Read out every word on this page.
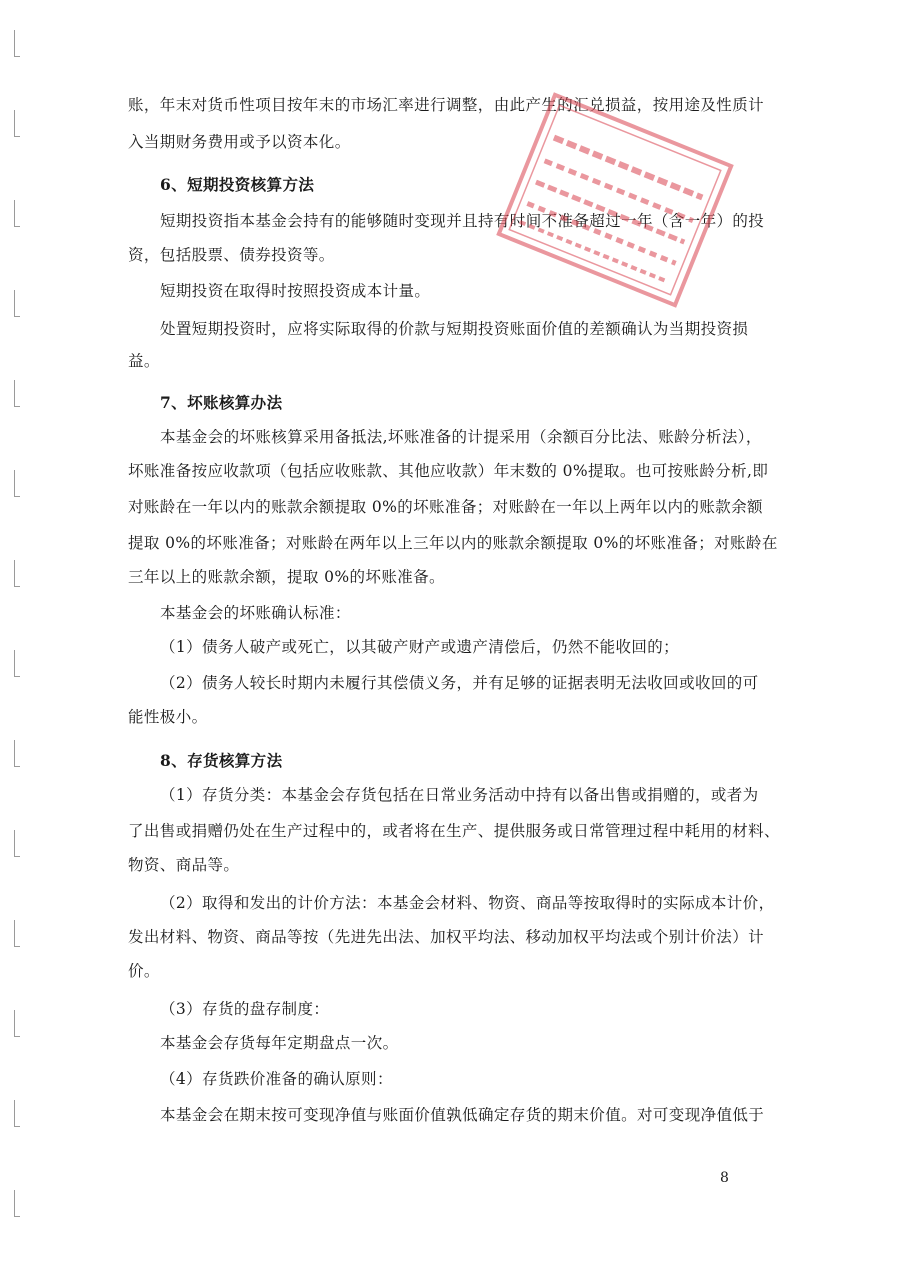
账，年末对货币性项目按年末的市场汇率进行调整，由此产生的汇兑损益，按用途及性质计
入当期财务费用或予以资本化。
6、短期投资核算方法
短期投资指本基金会持有的能够随时变现并且持有时间不准备超过一年（含一年）的投
资，包括股票、债券投资等。
短期投资在取得时按照投资成本计量。
处置短期投资时，应将实际取得的价款与短期投资账面价值的差额确认为当期投资损
益。
7、坏账核算办法
本基金会的坏账核算采用备抵法,坏账准备的计提采用（余额百分比法、账龄分析法），
坏账准备按应收款项（包括应收账款、其他应收款）年末数的 0%提取。也可按账龄分析,即
对账龄在一年以内的账款余额提取 0%的坏账准备；对账龄在一年以上两年以内的账款余额
提取 0%的坏账准备；对账龄在两年以上三年以内的账款余额提取 0%的坏账准备；对账龄在
三年以上的账款余额，提取 0%的坏账准备。
本基金会的坏账确认标准：
（1）债务人破产或死亡，以其破产财产或遗产清偿后，仍然不能收回的；
（2）债务人较长时期内未履行其偿债义务，并有足够的证据表明无法收回或收回的可
能性极小。
8、存货核算方法
（1）存货分类：本基金会存货包括在日常业务活动中持有以备出售或捐赠的，或者为
了出售或捐赠仍处在生产过程中的，或者将在生产、提供服务或日常管理过程中耗用的材料、
物资、商品等。
（2）取得和发出的计价方法：本基金会材料、物资、商品等按取得时的实际成本计价，
发出材料、物资、商品等按（先进先出法、加权平均法、移动加权平均法或个别计价法）计
价。
（3）存货的盘存制度：
本基金会存货每年定期盘点一次。
（4）存货跌价准备的确认原则：
本基金会在期末按可变现净值与账面价值孰低确定存货的期末价值。对可变现净值低于
8
